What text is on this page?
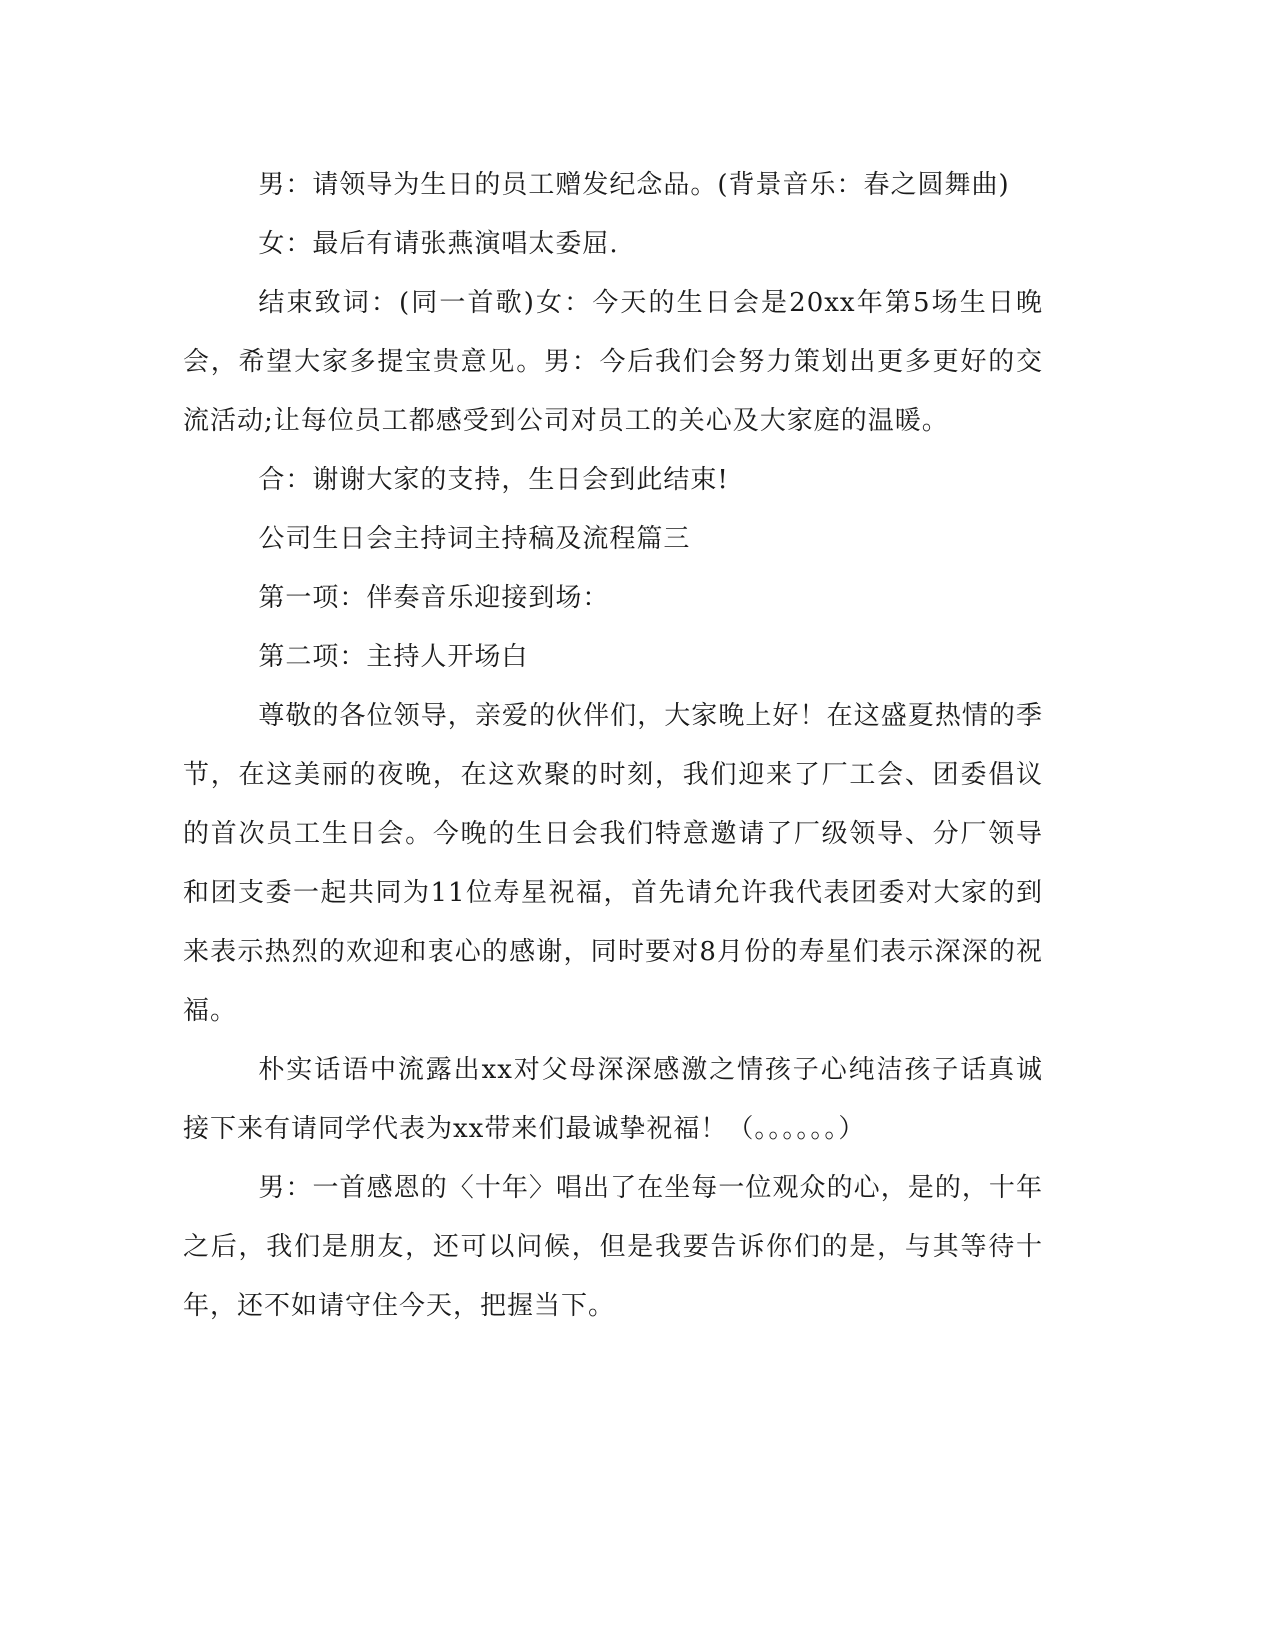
男：请领导为生日的员工赠发纪念品。(背景音乐：春之圆舞曲)

女：最后有请张燕演唱太委屈.

结束致词：(同一首歌)女：今天的生日会是20xx年第5场生日晚会，希望大家多提宝贵意见。男：今后我们会努力策划出更多更好的交流活动;让每位员工都感受到公司对员工的关心及大家庭的温暖。

合：谢谢大家的支持，生日会到此结束!

公司生日会主持词主持稿及流程篇三

第一项：伴奏音乐迎接到场：

第二项：主持人开场白

尊敬的各位领导，亲爱的伙伴们，大家晚上好！在这盛夏热情的季节，在这美丽的夜晚，在这欢聚的时刻，我们迎来了厂工会、团委倡议的首次员工生日会。今晚的生日会我们特意邀请了厂级领导、分厂领导和团支委一起共同为11位寿星祝福，首先请允许我代表团委对大家的到来表示热烈的欢迎和衷心的感谢，同时要对8月份的寿星们表示深深的祝福。

朴实话语中流露出xx对父母深深感激之情孩子心纯洁孩子话真诚接下来有请同学代表为xx带来们最诚挚祝福！（。。。。。。）

男：一首感恩的〈十年〉唱出了在坐每一位观众的心，是的，十年之后，我们是朋友，还可以问候，但是我要告诉你们的是，与其等待十年，还不如请守住今天，把握当下。
